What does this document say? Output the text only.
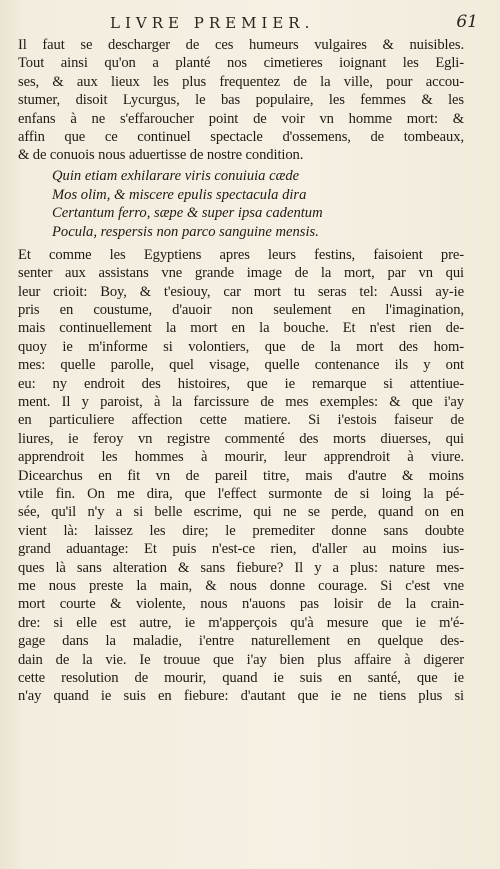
LIVRE PREMIER.	61
Il faut se descharger de ces humeurs vulgaires & nuisibles.
Tout ainsi qu'on a planté nos cimetieres ioignant les Egli-
ses, & aux lieux les plus frequentez de la ville, pour accou-
stumer, disoit Lycurgus, le bas populaire, les femmes & les
enfans à ne s'effaroucher point de voir vn homme mort: &
affin que ce continuel spectacle d'ossemens, de tombeaux,
& de conuois nous aduertisse de nostre condition.
Quin etiam exhilarare viris conuiuia cæde
Mos olim, & miscere epulis spectacula dira
Certantum ferro, sæpe & super ipsa cadentum
Pocula, respersis non parco sanguine mensis.
Et comme les Egyptiens apres leurs festins, faisoient pre-
senter aux assistans vne grande image de la mort, par vn qui
leur crioit: Boy, & t'esiouy, car mort tu seras tel: Aussi ay-ie
pris en coustume, d'auoir non seulement en l'imagination,
mais continuellement la mort en la bouche. Et n'est rien de-
quoy ie m'informe si volontiers, que de la mort des hom-
mes: quelle parolle, quel visage, quelle contenance ils y ont
eu: ny endroit des histoires, que ie remarque si attentiue-
ment. Il y paroist, à la farcissure de mes exemples: & que i'ay
en particuliere affection cette matiere. Si i'estois faiseur de
liures, ie feroy vn registre commenté des morts diuerses, qui
apprendroit les hommes à mourir, leur apprendroit à viure.
Dicearchus en fit vn de pareil titre, mais d'autre & moins
vtile fin. On me dira, que l'effect surmonte de si loing la pé-
sée, qu'il n'y a si belle escrime, qui ne se perde, quand on en
vient là: laissez les dire; le premediter donne sans doubte
grand aduantage: Et puis n'est-ce rien, d'aller au moins ius-
ques là sans alteration & sans fiebure? Il y a plus: nature mes-
me nous preste la main, & nous donne courage. Si c'est vne
mort courte & violente, nous n'auons pas loisir de la crain-
dre: si elle est autre, ie m'apperçois qu'à mesure que ie m'é-
gage dans la maladie, i'entre naturellement en quelque des-
dain de la vie. Ie trouue que i'ay bien plus affaire à digerer
cette resolution de mourir, quand ie suis en santé, que ie
n'ay quand ie suis en fiebure: d'autant que ie ne tiens plus si
